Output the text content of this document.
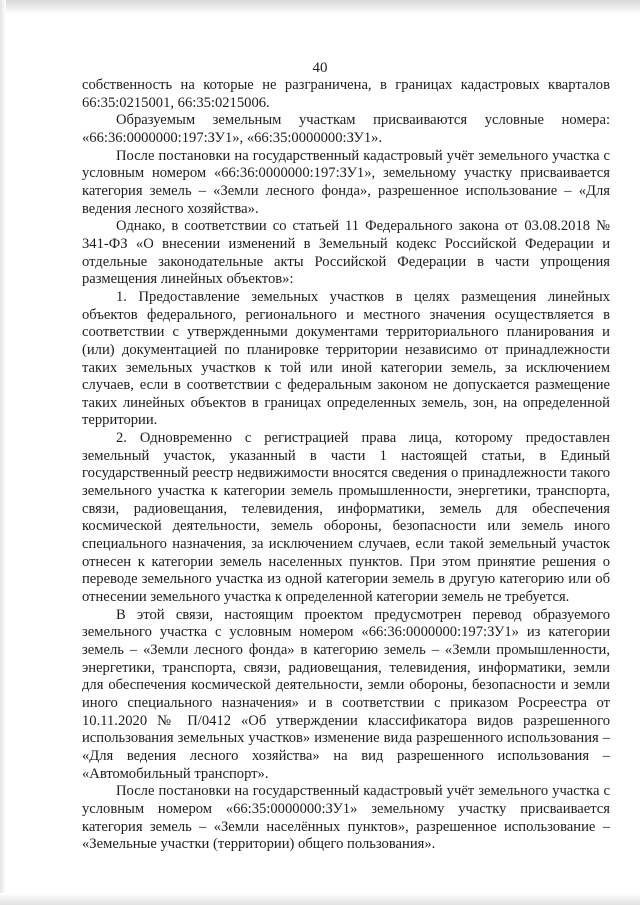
40

собственность на которые не разграничена, в границах кадастровых кварталов 66:35:0215001, 66:35:0215006.

Образуемым земельным участкам присваиваются условные номера: «66:36:0000000:197:ЗУ1», «66:35:0000000:ЗУ1».

После постановки на государственный кадастровый учёт земельного участка с условным номером «66:36:0000000:197:ЗУ1», земельному участку присваивается категория земель – «Земли лесного фонда», разрешенное использование – «Для ведения лесного хозяйства».

Однако, в соответствии со статьей 11 Федерального закона от 03.08.2018 № 341-ФЗ «О внесении изменений в Земельный кодекс Российской Федерации и отдельные законодательные акты Российской Федерации в части упрощения размещения линейных объектов»:

1. Предоставление земельных участков в целях размещения линейных объектов федерального, регионального и местного значения осуществляется в соответствии с утвержденными документами территориального планирования и (или) документацией по планировке территории независимо от принадлежности таких земельных участков к той или иной категории земель, за исключением случаев, если в соответствии с федеральным законом не допускается размещение таких линейных объектов в границах определенных земель, зон, на определенной территории.

2. Одновременно с регистрацией права лица, которому предоставлен земельный участок, указанный в части 1 настоящей статьи, в Единый государственный реестр недвижимости вносятся сведения о принадлежности такого земельного участка к категории земель промышленности, энергетики, транспорта, связи, радиовещания, телевидения, информатики, земель для обеспечения космической деятельности, земель обороны, безопасности или земель иного специального назначения, за исключением случаев, если такой земельный участок отнесен к категории земель населенных пунктов. При этом принятие решения о переводе земельного участка из одной категории земель в другую категорию или об отнесении земельного участка к определенной категории земель не требуется.

В этой связи, настоящим проектом предусмотрен перевод образуемого земельного участка с условным номером «66:36:0000000:197:ЗУ1» из категории земель – «Земли лесного фонда» в категорию земель – «Земли промышленности, энергетики, транспорта, связи, радиовещания, телевидения, информатики, земли для обеспечения космической деятельности, земли обороны, безопасности и земли иного специального назначения» и в соответствии с приказом Росреестра от 10.11.2020 № П/0412 «Об утверждении классификатора видов разрешенного использования земельных участков» изменение вида разрешенного использования – «Для ведения лесного хозяйства» на вид разрешенного использования – «Автомобильный транспорт».

После постановки на государственный кадастровый учёт земельного участка с условным номером «66:35:0000000:ЗУ1» земельному участку присваивается категория земель – «Земли населённых пунктов», разрешенное использование – «Земельные участки (территории) общего пользования».
